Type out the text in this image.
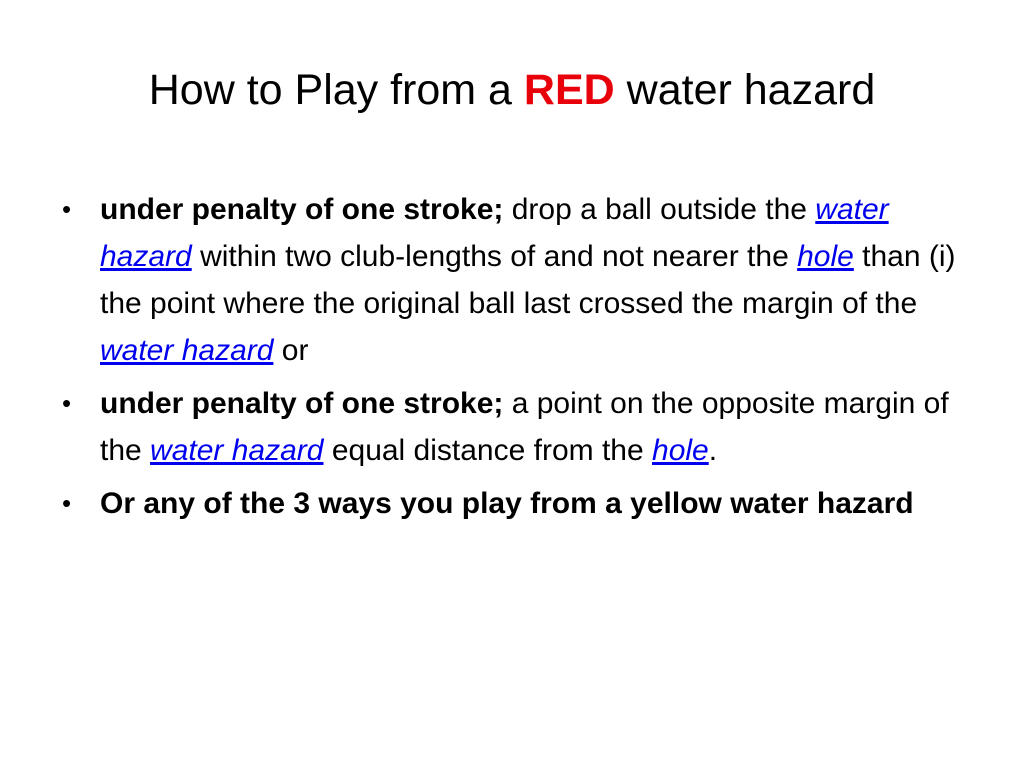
How to Play from a RED water hazard
• under penalty of one stroke; drop a ball outside the water hazard within two club-lengths of and not nearer the hole than (i) the point where the original ball last crossed the margin of the water hazard or
• under penalty of one stroke; a point on the opposite margin of the water hazard equal distance from the hole.
• Or any of the 3 ways you play from a yellow water hazard
